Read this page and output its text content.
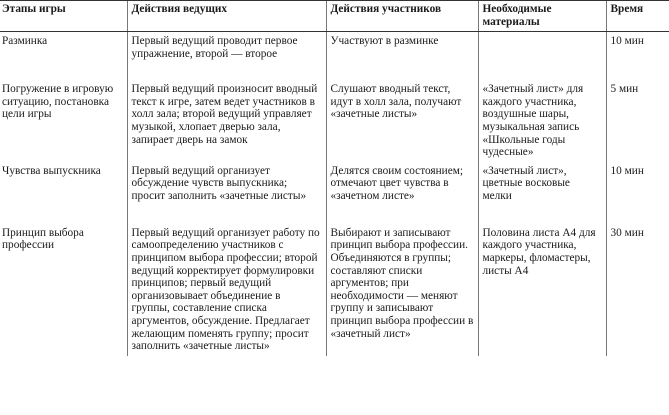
Этапы игры	Действия ведущих	Действия участников	Необходимые материалы	Время
Разминка	Первый ведущий проводит первое упражнение, второй — второе	Участвуют в разминке		10 мин
Погружение в игровую ситуацию, постановка цели игры	Первый ведущий произносит вводный текст к игре, затем ведет участников в холл зала; второй ведущий управляет музыкой, хлопает дверью зала, запирает дверь на замок	Слушают вводный текст, идут в холл зала, получают «зачетные листы»	«Зачетный лист» для каждого участника, воздушные шары, музыкальная запись «Школьные годы чудесные»	5 мин
Чувства выпускника	Первый ведущий организует обсуждение чувств выпускника; просит заполнить «зачетные листы»	Делятся своим состоянием; отмечают цвет чувства в «зачетном листе»	«Зачетный лист», цветные восковые мелки	10 мин
Принцип выбора профессии	Первый ведущий организует работу по самоопределению участников с принципом выбора профессии; второй ведущий корректирует формулировки принципов; первый ведущий организовывает объединение в группы, составление списка аргументов, обсуждение. Предлагает желающим поменять группу; просит заполнить «зачетные листы»	Выбирают и записывают принцип выбора профессии. Объединяются в группы; составляют списки аргументов; при необходимости — меняют группу и записывают принцип выбора профессии в «зачетный лист»	Половина листа А4 для каждого участника, маркеры, фломастеры, листы А4	30 мин
